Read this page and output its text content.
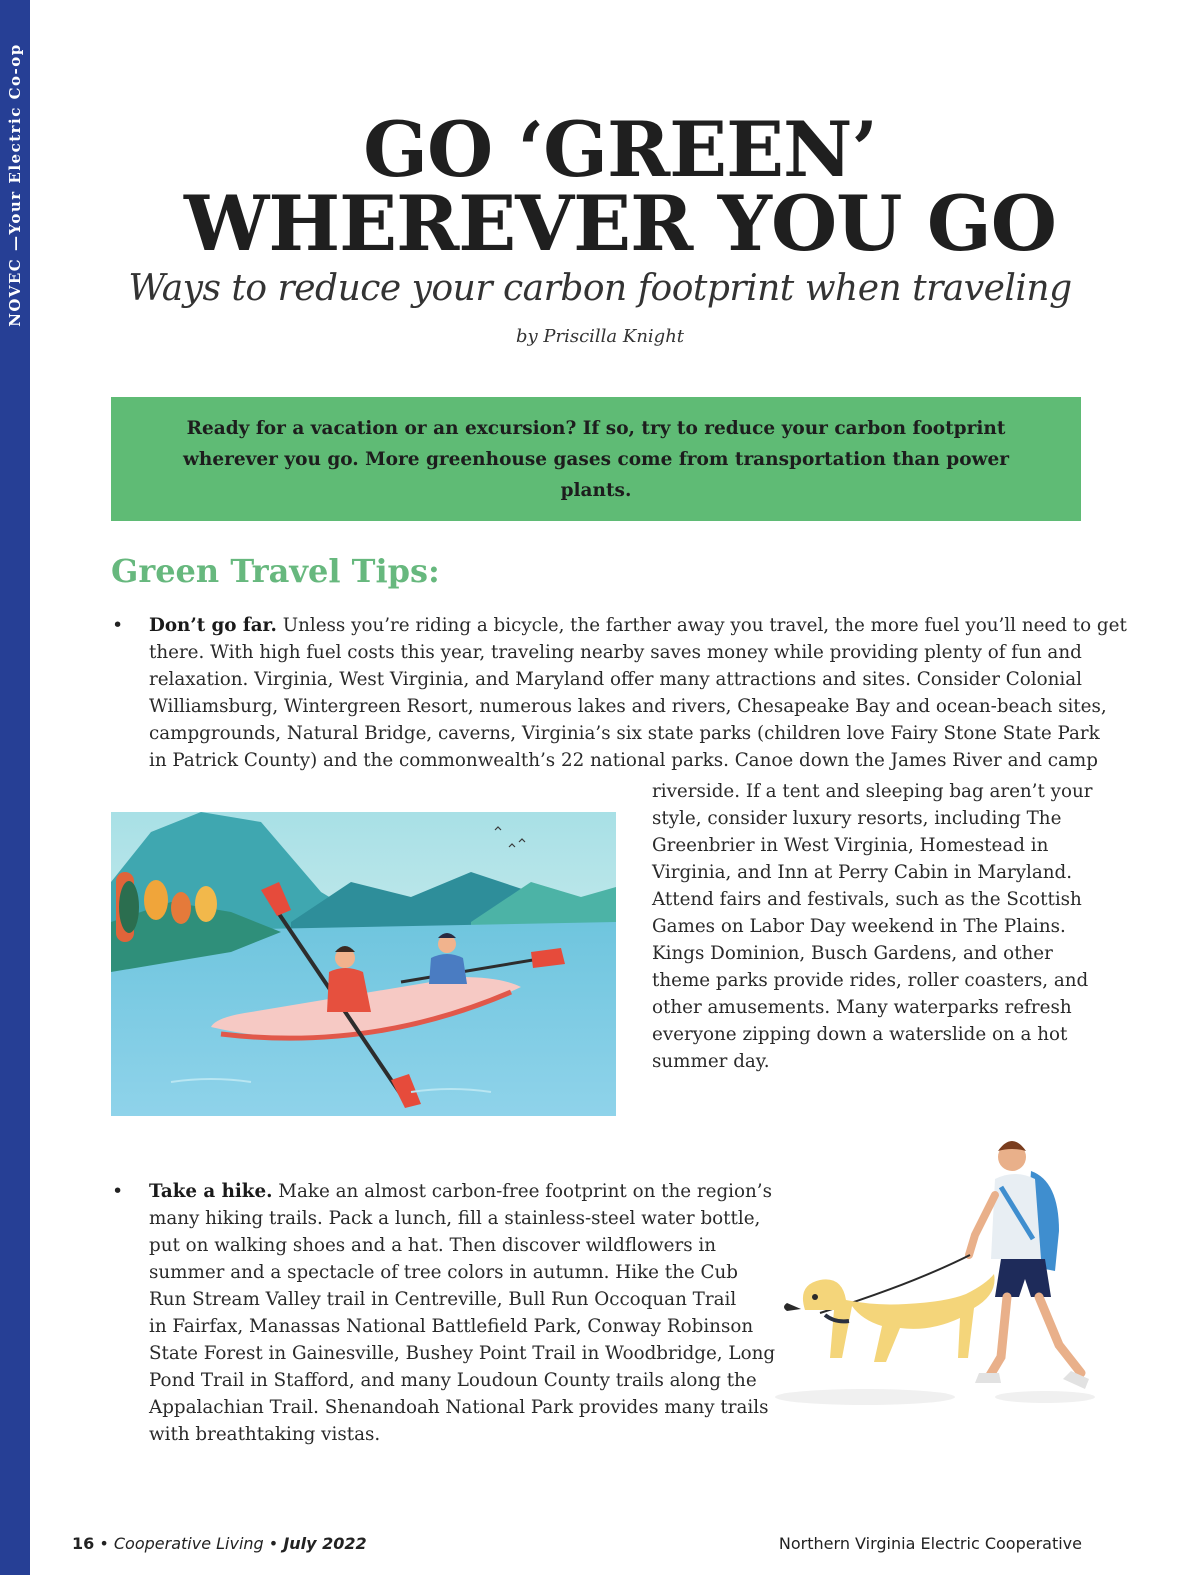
NOVEC —Your Electric Co-op	GO ‘GREEN’
WHEREVER YOU GO
Ways to reduce your carbon footprint when traveling
by Priscilla Knight

Ready for a vacation or an excursion? If so, try to reduce your carbon footprint wherever you go. More greenhouse gases come from transportation than power plants.

Green Travel Tips:
• Don’t go far. Unless you’re riding a bicycle, the farther away you travel, the more fuel you’ll need to get
there. With high fuel costs this year, traveling nearby saves money while providing plenty of fun and
relaxation. Virginia, West Virginia, and Maryland offer many attractions and sites. Consider Colonial
Williamsburg, Wintergreen Resort, numerous lakes and rivers, Chesapeake Bay and ocean-beach sites,
campgrounds, Natural Bridge, caverns, Virginia’s six state parks (children love Fairy Stone State Park
in Patrick County) and the commonwealth’s 22 national parks. Canoe down the James River and camp
riverside. If a tent and sleeping bag aren’t your
style, consider luxury resorts, including The
Greenbrier in West Virginia, Homestead in
Virginia, and Inn at Perry Cabin in Maryland.
Attend fairs and festivals, such as the Scottish
Games on Labor Day weekend in The Plains.
Kings Dominion, Busch Gardens, and other
theme parks provide rides, roller coasters, and
other amusements. Many waterparks refresh
everyone zipping down a waterslide on a hot
summer day.
• Take a hike. Make an almost carbon-free footprint on the region’s
many hiking trails. Pack a lunch, fill a stainless-steel water bottle,
put on walking shoes and a hat. Then discover wildflowers in
summer and a spectacle of tree colors in autumn. Hike the Cub
Run Stream Valley trail in Centreville, Bull Run Occoquan Trail
in Fairfax, Manassas National Battlefield Park, Conway Robinson
State Forest in Gainesville, Bushey Point Trail in Woodbridge, Long
Pond Trail in Stafford, and many Loudoun County trails along the
Appalachian Trail. Shenandoah National Park provides many trails
with breathtaking vistas.
16 • Cooperative Living • July 2022	Northern Virginia Electric Cooperative
